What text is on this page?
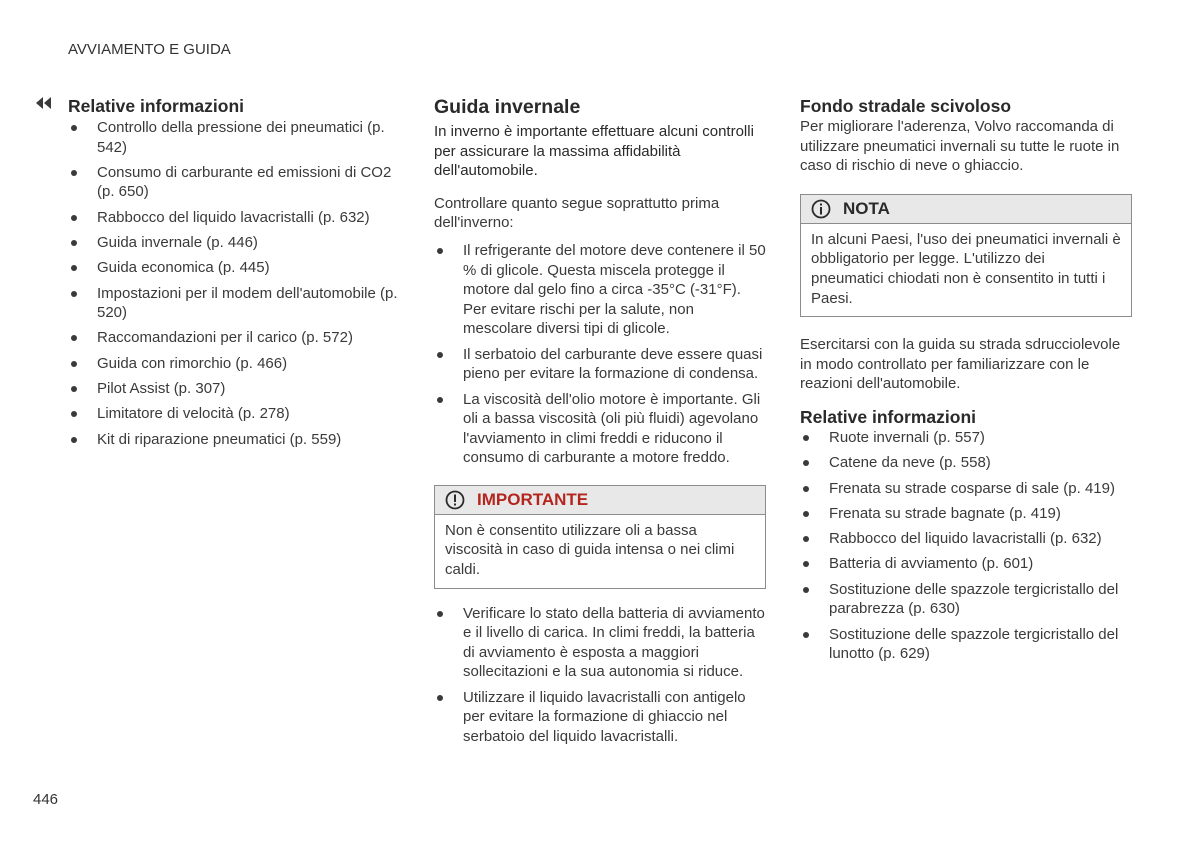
AVVIAMENTO E GUIDA
Relative informazioni
Controllo della pressione dei pneumatici (p. 542)
Consumo di carburante ed emissioni di CO2 (p. 650)
Rabbocco del liquido lavacristalli (p. 632)
Guida invernale (p. 446)
Guida economica (p. 445)
Impostazioni per il modem dell'automobile (p. 520)
Raccomandazioni per il carico (p. 572)
Guida con rimorchio (p. 466)
Pilot Assist (p. 307)
Limitatore di velocità (p. 278)
Kit di riparazione pneumatici (p. 559)
Guida invernale

In inverno è importante effettuare alcuni controlli per assicurare la massima affidabilità dell'automobile.

Controllare quanto segue soprattutto prima dell'inverno:

Il refrigerante del motore deve contenere il 50 % di glicole. Questa miscela protegge il motore dal gelo fino a circa -35°C (-31°F). Per evitare rischi per la salute, non mescolare diversi tipi di glicole.
Il serbatoio del carburante deve essere quasi pieno per evitare la formazione di condensa.
La viscosità dell'olio motore è importante. Gli oli a bassa viscosità (oli più fluidi) agevolano l'avviamento in climi freddi e riducono il consumo di carburante a motore freddo.
IMPORTANTE
Non è consentito utilizzare oli a bassa viscosità in caso di guida intensa o nei climi caldi.
Verificare lo stato della batteria di avviamento e il livello di carica. In climi freddi, la batteria di avviamento è esposta a maggiori sollecitazioni e la sua autonomia si riduce.
Utilizzare il liquido lavacristalli con antigelo per evitare la formazione di ghiaccio nel serbatoio del liquido lavacristalli.
Fondo stradale scivoloso

Per migliorare l'aderenza, Volvo raccomanda di utilizzare pneumatici invernali su tutte le ruote in caso di rischio di neve o ghiaccio.

NOTA
In alcuni Paesi, l'uso dei pneumatici invernali è obbligatorio per legge. L'utilizzo dei pneumatici chiodati non è consentito in tutti i Paesi.

Esercitarsi con la guida su strada sdrucciolevole in modo controllato per familiarizzare con le reazioni dell'automobile.

Relative informazioni
Ruote invernali (p. 557)
Catene da neve (p. 558)
Frenata su strade cosparse di sale (p. 419)
Frenata su strade bagnate (p. 419)
Rabbocco del liquido lavacristalli (p. 632)
Batteria di avviamento (p. 601)
Sostituzione delle spazzole tergicristallo del parabrezza (p. 630)
Sostituzione delle spazzole tergicristallo del lunotto (p. 629)
446
